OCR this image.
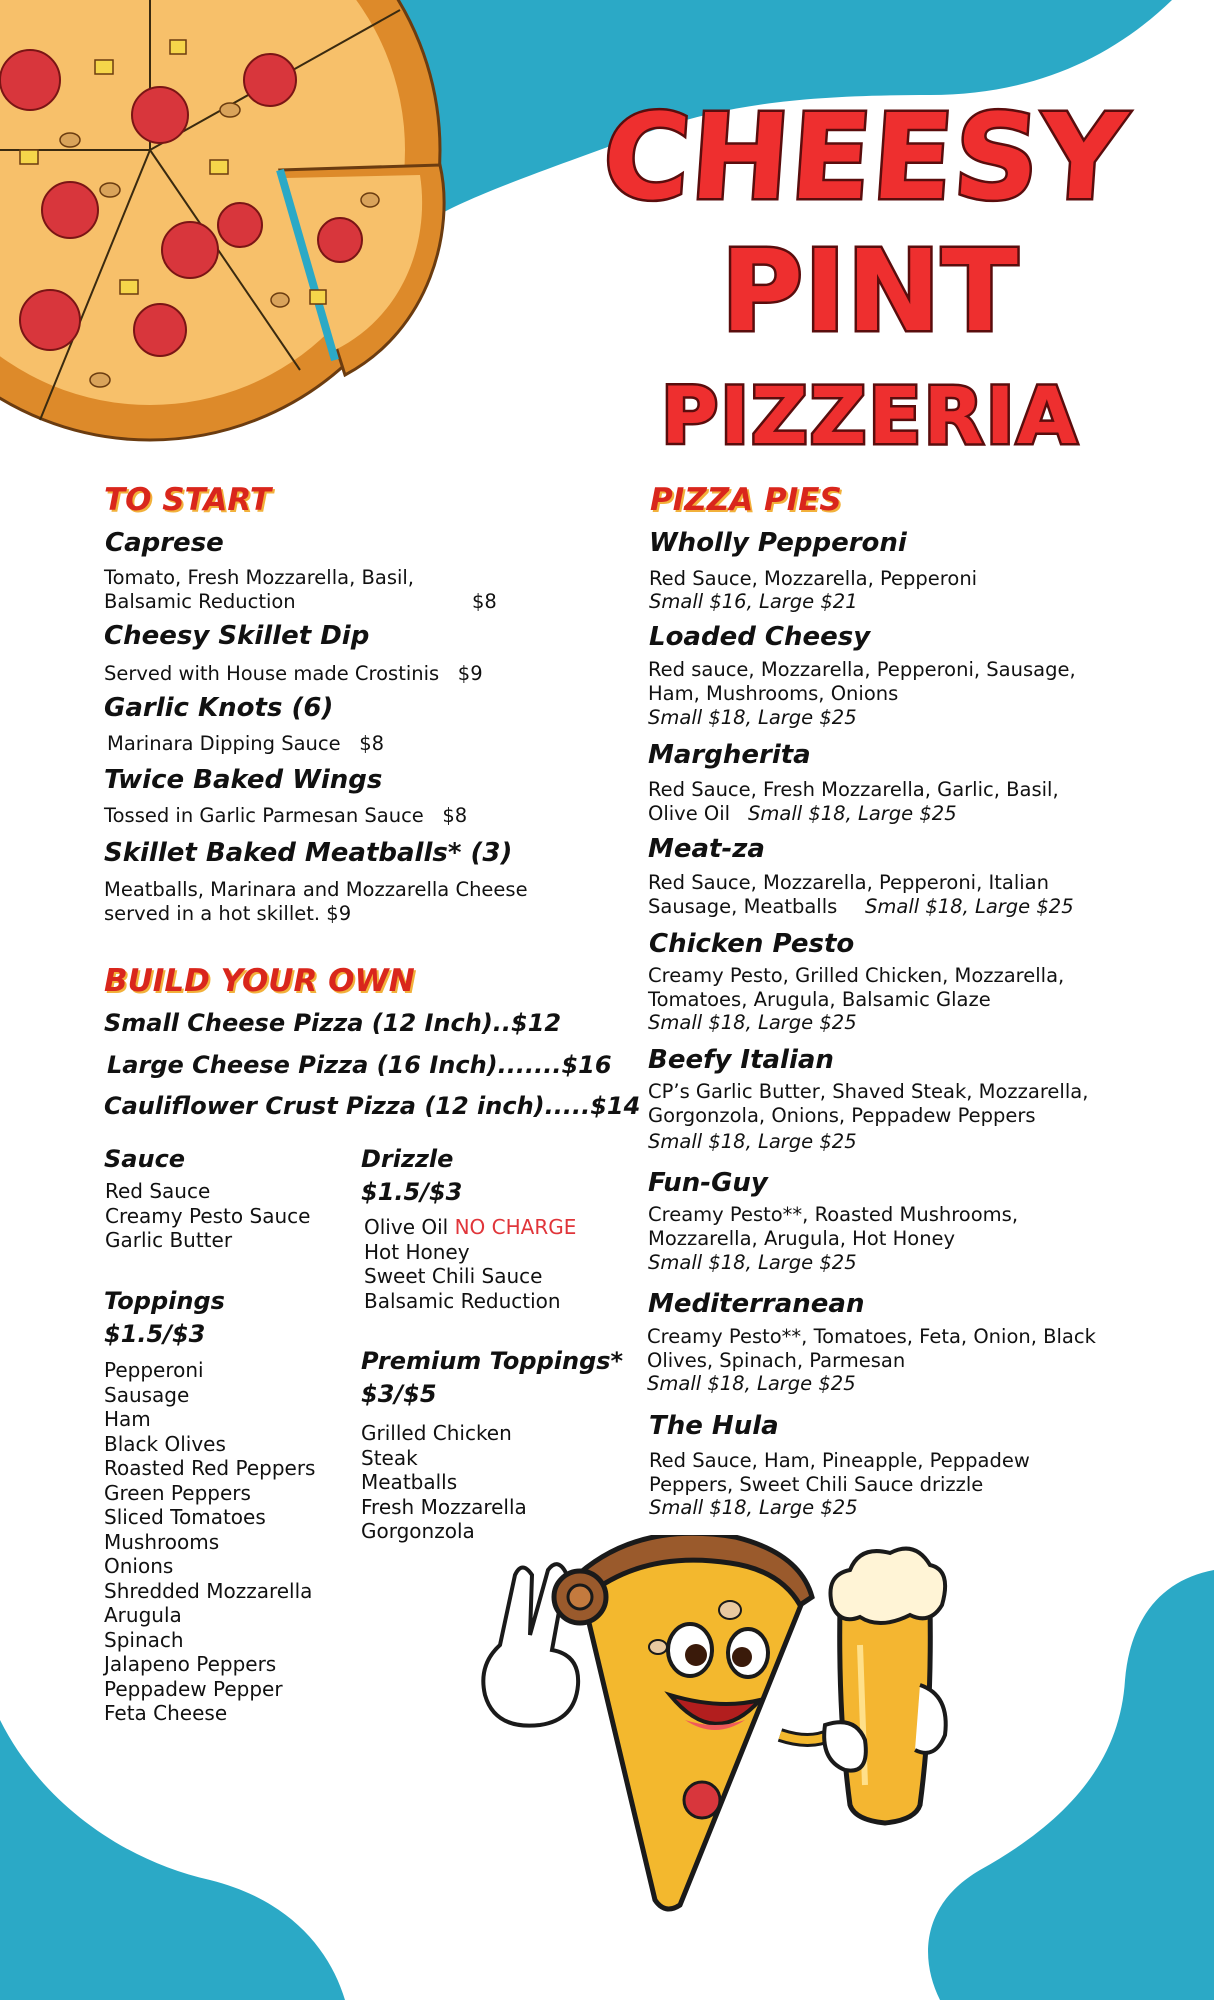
CHEESY
PINT
PIZZERIA
TO START
Caprese
Tomato, Fresh Mozzarella, Basil,
Balsamic Reduction	$8
Cheesy Skillet Dip
Served with House made Crostinis   $9
Garlic Knots (6)
Marinara Dipping Sauce   $8
Twice Baked Wings
Tossed in Garlic Parmesan Sauce   $8
Skillet Baked Meatballs* (3)
Meatballs, Marinara and Mozzarella Cheese
served in a hot skillet. $9
BUILD YOUR OWN
Small Cheese Pizza (12 Inch)..$12
Large Cheese Pizza (16 Inch).......$16
Cauliflower Crust Pizza (12 inch).....$14
Sauce
Red Sauce
Creamy Pesto Sauce
Garlic Butter
Drizzle
$1.5/$3
Olive Oil NO CHARGE
Hot Honey
Sweet Chili Sauce
Balsamic Reduction
Toppings
$1.5/$3
Pepperoni
Sausage
Ham
Black Olives
Roasted Red Peppers
Green Peppers
Sliced Tomatoes
Mushrooms
Onions
Shredded Mozzarella
Arugula
Spinach
Jalapeno Peppers
Peppadew Pepper
Feta Cheese
Premium Toppings*
$3/$5
Grilled Chicken
Steak
Meatballs
Fresh Mozzarella
Gorgonzola
PIZZA PIES
Wholly Pepperoni
Red Sauce, Mozzarella, Pepperoni
Small $16, Large $21
Loaded Cheesy
Red sauce, Mozzarella, Pepperoni, Sausage,
Ham, Mushrooms, Onions
Small $18, Large $25
Margherita
Red Sauce, Fresh Mozzarella, Garlic, Basil,
Olive Oil Small $18, Large $25
Meat-za
Red Sauce, Mozzarella, Pepperoni, Italian
Sausage, Meatballs	Small $18, Large $25
Chicken Pesto
Creamy Pesto, Grilled Chicken, Mozzarella,
Tomatoes, Arugula, Balsamic Glaze
Small $18, Large $25
Beefy Italian
CP’s Garlic Butter, Shaved Steak, Mozzarella,
Gorgonzola, Onions, Peppadew Peppers
Small $18, Large $25
Fun-Guy
Creamy Pesto**, Roasted Mushrooms,
Mozzarella, Arugula, Hot Honey
Small $18, Large $25
Mediterranean
Creamy Pesto**, Tomatoes, Feta, Onion, Black
Olives, Spinach, Parmesan
Small $18, Large $25
The Hula
Red Sauce, Ham, Pineapple, Peppadew
Peppers, Sweet Chili Sauce drizzle
Small $18, Large $25
